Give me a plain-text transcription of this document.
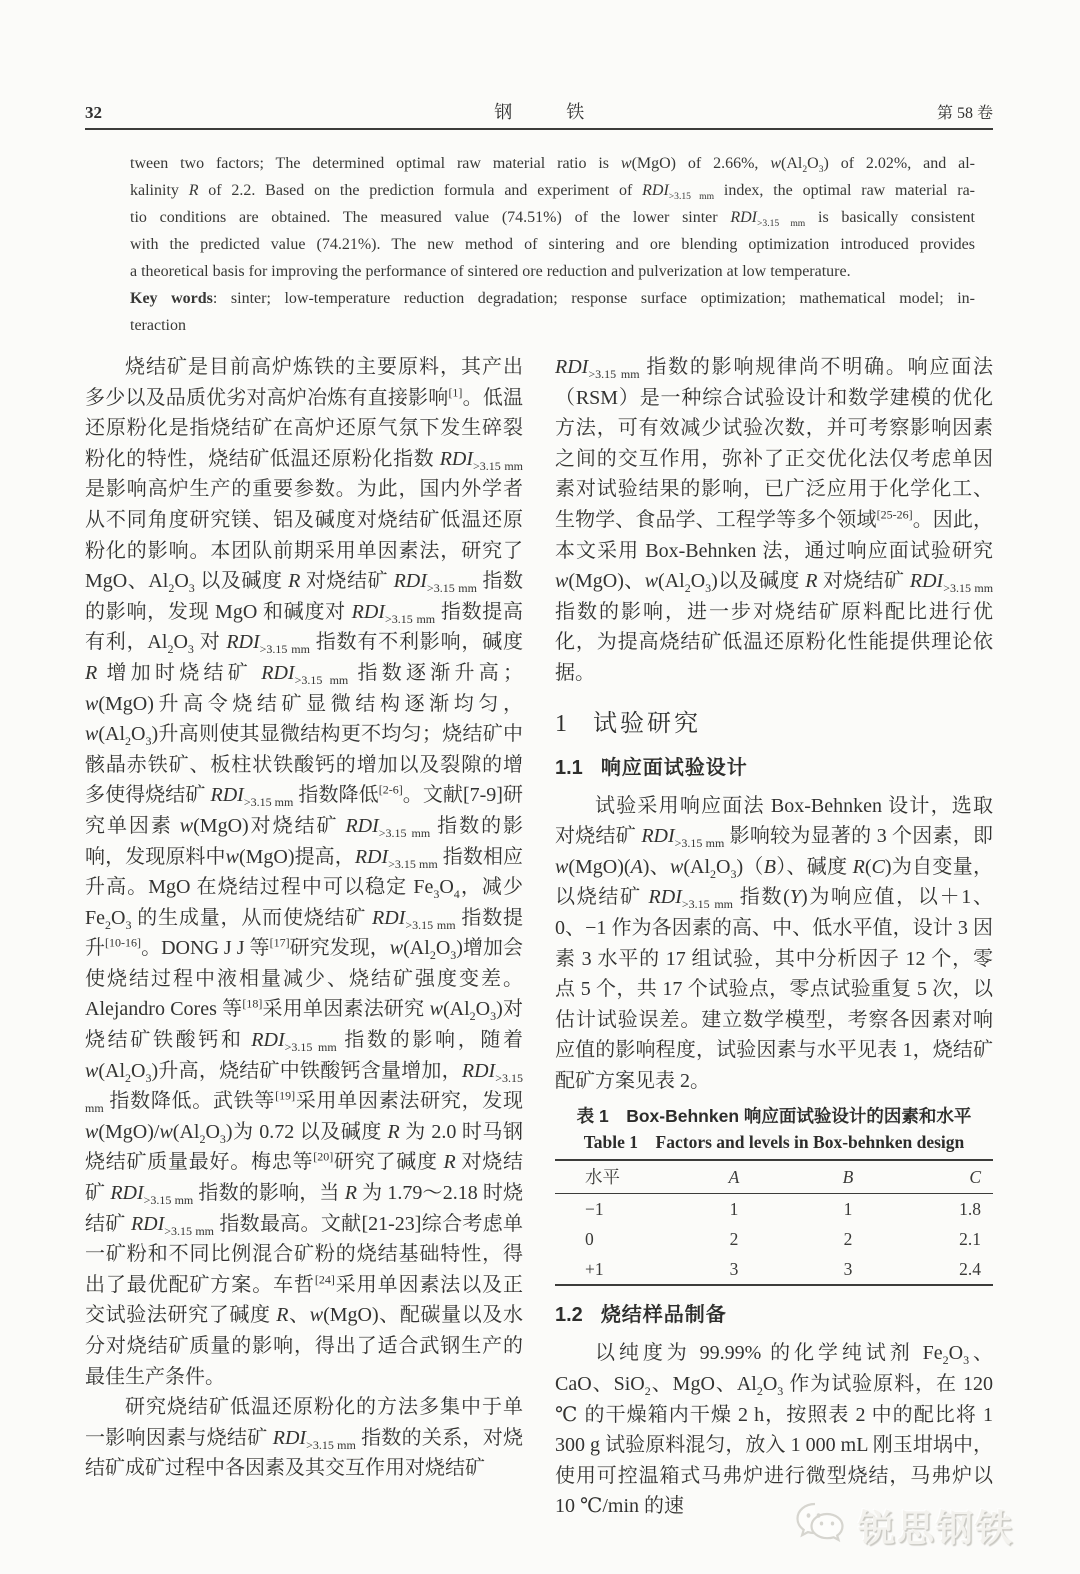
32	钢　铁	第 58 卷
tween two factors; The determined optimal raw material ratio is w(MgO) of 2.66%, $w(Al_2O_3)$ of 2.02%, and al-
kalinity R of 2.2. Based on the prediction formula and experiment of $RDI_{>3.15 mm}$ index, the optimal raw material ra-
tio conditions are obtained. The measured value (74.51%) of the lower sinter $RDI_{>3.15 mm}$ is basically consistent
with the predicted value (74.21%). The new method of sintering and ore blending optimization introduced provides
a theoretical basis for improving the performance of sintered ore reduction and pulverization at low temperature.
Key words: sinter; low-temperature reduction degradation; response surface optimization; mathematical model; in-
teraction

烧结矿是目前高炉炼铁的主要原料，其产出多少以及品质优劣对高炉冶炼有直接影响[1]。低温还原粉化是指烧结矿在高炉还原气氛下发生碎裂粉化的特性，烧结矿低温还原粉化指数 $RDI_{>3.15 mm}$ 是影响高炉生产的重要参数。为此，国内外学者从不同角度研究镁、铝及碱度对烧结矿低温还原粉化的影响。本团队前期采用单因素法，研究了 MgO、$Al_2O_3$ 以及碱度 R 对烧结矿 $RDI_{>3.15 mm}$ 指数的影响，发现 MgO 和碱度对 $RDI_{>3.15 mm}$ 指数提高有利，$Al_2O_3$ 对 $RDI_{>3.15 mm}$ 指数有不利影响，碱度 R 增加时烧结矿 $RDI_{>3.15 mm}$ 指数逐渐升高；w(MgO)升高令烧结矿显微结构逐渐均匀，$w(Al_2O_3)$升高则使其显微结构更不均匀；烧结矿中骸晶赤铁矿、板柱状铁酸钙的增加以及裂隙的增多使得烧结矿 $RDI_{>3.15 mm}$ 指数降低[2-6]。文献[7-9]研究单因素 w(MgO)对烧结矿 $RDI_{>3.15 mm}$ 指数的影响，发现原料中w(MgO)提高，$RDI_{>3.15 mm}$ 指数相应升高。MgO 在烧结过程中可以稳定 $Fe_3O_4$，减少 $Fe_2O_3$ 的生成量，从而使烧结矿 $RDI_{>3.15 mm}$ 指数提升[10-16]。DONG J J 等[17]研究发现，$w(Al_2O_3)$增加会使烧结过程中液相量减少、烧结矿强度变差。Alejandro Cores 等[18]采用单因素法研究 $w(Al_2O_3)$对烧结矿铁酸钙和 $RDI_{>3.15 mm}$ 指数的影响，随着 $w(Al_2O_3)$升高，烧结矿中铁酸钙含量增加，$RDI_{>3.15 mm}$ 指数降低。武铁等[19]采用单因素法研究，发现 $w(MgO)/w(Al_2O_3)$为 0.72 以及碱度 R 为 2.0 时马钢烧结矿质量最好。梅忠等[20]研究了碱度 R 对烧结矿 $RDI_{>3.15 mm}$ 指数的影响，当 R 为 1.79～2.18 时烧结矿 $RDI_{>3.15 mm}$ 指数最高。文献[21-23]综合考虑单一矿粉和不同比例混合矿粉的烧结基础特性，得出了最优配矿方案。车哲[24]采用单因素法以及正交试验法研究了碱度 R、w(MgO)、配碳量以及水分对烧结矿质量的影响，得出了适合武钢生产的最佳生产条件。

研究烧结矿低温还原粉化的方法多集中于单一影响因素与烧结矿 $RDI_{>3.15 mm}$ 指数的关系，对烧结矿成矿过程中各因素及其交互作用对烧结矿

$RDI_{>3.15 mm}$ 指数的影响规律尚不明确。响应面法（RSM）是一种综合试验设计和数学建模的优化方法，可有效减少试验次数，并可考察影响因素之间的交互作用，弥补了正交优化法仅考虑单因素对试验结果的影响，已广泛应用于化学化工、生物学、食品学、工程学等多个领域[25-26]。因此，本文采用 Box-Behnken 法，通过响应面试验研究 w(MgO)、$w(Al_2O_3)$以及碱度 R 对烧结矿 $RDI_{>3.15 mm}$ 指数的影响，进一步对烧结矿原料配比进行优化，为提高烧结矿低温还原粉化性能提供理论依据。

1 试验研究
1.1 响应面试验设计

试验采用响应面法 Box-Behnken 设计，选取对烧结矿 $RDI_{>3.15 mm}$ 影响较为显著的 3 个因素，即 w(MgO)(A)、$w(Al_2O_3)(B)$、碱度 R(C)为自变量，以烧结矿 $RDI_{>3.15 mm}$ 指数(Y)为响应值，以＋1、0、−1 作为各因素的高、中、低水平值，设计 3 因素 3 水平的 17 组试验，其中分析因子 12 个，零点 5 个，共 17 个试验点，零点试验重复 5 次，以估计试验误差。建立数学模型，考察各因素对响应值的影响程度，试验因素与水平见表 1，烧结矿配矿方案见表 2。

表 1　Box-Behnken 响应面试验设计的因素和水平
Table 1　Factors and levels in Box-behnken design
水平	A	B	C
−1	1	1	1.8
0	2	2	2.1
+1	3	3	2.4
1.2 烧结样品制备

以纯度为 99.99% 的化学纯试剂 $Fe_2O_3$、CaO、SiO$_2$、MgO、$Al_2O_3$ 作为试验原料，在 120 ℃ 的干燥箱内干燥 2 h，按照表 2 中的配比将 1 300 g 试验原料混匀，放入 1 000 mL 刚玉坩埚中，使用可控温箱式马弗炉进行微型烧结，马弗炉以 10 ℃/min 的速

锐思钢铁
